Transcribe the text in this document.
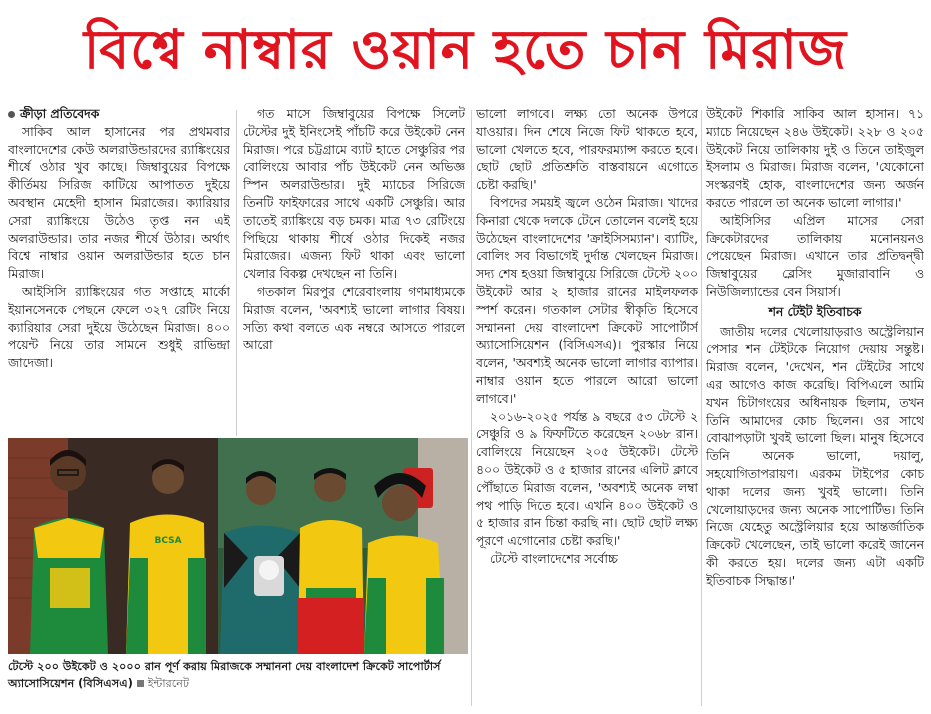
বিশ্বে নাম্বার ওয়ান হতে চান মিরাজ

ক্রীড়া প্রতিবেদক

সাকিব আল হাসানের পর প্রথমবার বাংলাদেশের কেউ অলরাউন্ডারদের র‌্যাঙ্কিংয়ের শীর্ষে ওঠার খুব কাছে। জিম্বাবুয়ের বিপক্ষে কীর্তিময় সিরিজ কাটিয়ে আপাতত দুইয়ে অবস্থান মেহেদী হাসান মিরাজের। ক্যারিয়ার সেরা র‌্যাঙ্কিংয়ে উঠেও তৃপ্ত নন এই অলরাউন্ডার। তার নজর শীর্ষে উঠার। অর্থাৎ বিশ্বে নাম্বার ওয়ান অলরাউন্ডার হতে চান মিরাজ।

আইসিসি র‌্যাঙ্কিংয়ের গত সপ্তাহে মার্কো ইয়ানসেনকে পেছনে ফেলে ৩২৭ রেটিং নিয়ে ক্যারিয়ার সেরা দুইয়ে উঠেছেন মিরাজ। ৪০০ পয়েন্ট নিয়ে তার সামনে শুধুই রাভিন্দ্রা জাদেজা।

গত মাসে জিম্বাবুয়ের বিপক্ষে সিলেট টেস্টের দুই ইনিংসেই পাঁচটি করে উইকেট নেন মিরাজ। পরে চট্টগ্রামে ব্যাট হাতে সেঞ্চুরির পর বোলিংয়ে আবার পাঁচ উইকেট নেন অভিজ্ঞ স্পিন অলরাউন্ডার। দুই ম্যাচের সিরিজে তিনটি ফাইফারের সাথে একটি সেঞ্চুরি। আর তাতেই র‌্যাঙ্কিংয়ে বড় চমক। মাত্র ৭৩ রেটিংয়ে পিছিয়ে থাকায় শীর্ষে ওঠার দিকেই নজর মিরাজের। এজন্য ফিট থাকা এবং ভালো খেলার বিকল্প দেখছেন না তিনি।

গতকাল মিরপুর শেরেবাংলায় গণমাধ্যমকে মিরাজ বলেন, 'অবশ্যই ভালো লাগার বিষয়। সত্যি কথা বলতে এক নম্বরে আসতে পারলে আরো

ভালো লাগবে। লক্ষ্য তো অনেক উপরে যাওয়ার। দিন শেষে নিজে ফিট থাকতে হবে, ভালো খেলতে হবে, পারফরম্যান্স করতে হবে। ছোট ছোট প্রতিশ্রুতি বাস্তবায়নে এগোতে চেষ্টা করছি।'

বিপদের সময়ই জ্বলে ওঠেন মিরাজ। খাদের কিনারা থেকে দলকে টেনে তোলেন বলেই হয়ে উঠেছেন বাংলাদেশের 'ক্রাইসিসম্যান'। ব্যাটিং, বোলিং সব বিভাগেই দুর্দান্ত খেলছেন মিরাজ। সদ্য শেষ হওয়া জিম্বাবুয়ে সিরিজে টেস্টে ২০০ উইকেট আর ২ হাজার রানের মাইলফলক স্পর্শ করেন। গতকাল সেটার স্বীকৃতি হিসেবে সম্মাননা দেয় বাংলাদেশ ক্রিকেট সাপোর্টার্স অ্যাসোসিয়েশন (বিসিএসএ)। পুরস্কার নিয়ে বলেন, 'অবশ্যই অনেক ভালো লাগার ব্যাপার। নাম্বার ওয়ান হতে পারলে আরো ভালো লাগবে।'

২০১৬-২০২৫ পর্যন্ত ৯ বছরে ৫৩ টেস্টে ২ সেঞ্চুরি ও ৯ ফিফটিতে করেছেন ২০৬৮ রান। বোলিংয়ে নিয়েছেন ২০৫ উইকেট। টেস্টে ৪০০ উইকেট ও ৫ হাজার রানের এলিট ক্লাবে পৌঁছাতে মিরাজ বলেন, 'অবশ্যই অনেক লম্বা পথ পাড়ি দিতে হবে। এখনি ৪০০ উইকেট ও ৫ হাজার রান চিন্তা করছি না। ছোট ছোট লক্ষ্য পূরণে এগোনোর চেষ্টা করছি।'

টেস্টে বাংলাদেশের সর্বোচ্চ

উইকেট শিকারি সাকিব আল হাসান। ৭১ ম্যাচে নিয়েছেন ২৪৬ উইকেট। ২২৮ ও ২০৫ উইকেট নিয়ে তালিকায় দুই ও তিনে তাইজুল ইসলাম ও মিরাজ। মিরাজ বলেন, 'যেকোনো সংস্করণই হোক, বাংলাদেশের জন্য অর্জন করতে পারলে তা অনেক ভালো লাগার।'

আইসিসির এপ্রিল মাসের সেরা ক্রিকেটারদের তালিকায় মনোনয়নও পেয়েছেন মিরাজ। এখানে তার প্রতিদ্বন্দ্বী জিম্বাবুয়ের ব্লেসিং মুজারাবানি ও নিউজিল্যান্ডের বেন সিয়ার্স।

শন টেইট ইতিবাচক

জাতীয় দলের খেলোয়াড়রাও অস্ট্রেলিয়ান পেসার শন টেইটকে নিয়োগ দেয়ায় সন্তুষ্ট। মিরাজ বলেন, 'দেখেন, শন টেইটের সাথে এর আগেও কাজ করেছি। বিপিএলে আমি যখন চিটাগংয়ের অধিনায়ক ছিলাম, তখন তিনি আমাদের কোচ ছিলেন। ওর সাথে বোঝাপড়াটা খুবই ভালো ছিল। মানুষ হিসেবে তিনি অনেক ভালো, দয়ালু, সহযোগিতাপরায়ণ। এরকম টাইপের কোচ থাকা দলের জন্য খুবই ভালো। তিনি খেলোয়াড়দের জন্য অনেক সাপোর্টিভ। তিনি নিজে যেহেতু অস্ট্রেলিয়ার হয়ে আন্তর্জাতিক ক্রিকেট খেলেছেন, তাই ভালো করেই জানেন কী করতে হয়। দলের জন্য এটা একটি ইতিবাচক সিদ্ধান্ত।'

BCSA
টেস্টে ২০০ উইকেট ও ২০০০ রান পূর্ণ করায় মিরাজকে সম্মাননা দেয় বাংলাদেশ ক্রিকেট সাপোর্টার্স অ্যাসোসিয়েশন (বিসিএসএ) ইন্টারনেট
